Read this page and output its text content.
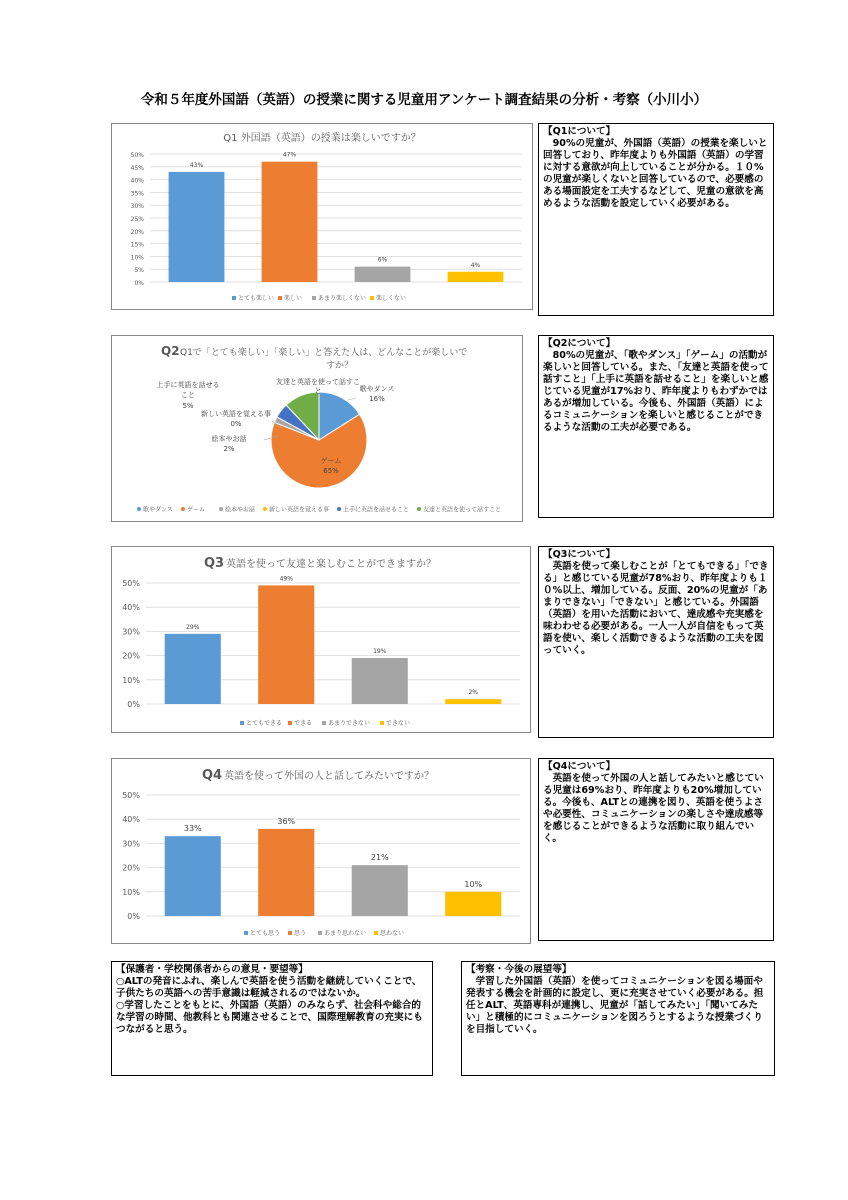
令和５年度外国語（英語）の授業に関する児童用アンケート調査結果の分析・考察（小川小）
Q1 外国語（英語）の授業は楽しいですか？
0%
5%
10%
15%
20%
25%
30%
35%
40%
45%
50%
43%
47%
6%
4%
とても楽しい 楽しい	あまり楽しくない 楽しくない
【Q1について】
　90%の児童が、外国語（英語）の授業を楽しいと回答しており、昨年度よりも外国語（英語）の学習に対する意欲が向上していることが分かる。１０%の児童が楽しくないと回答しているので、必要感のある場面設定を工夫するなどして、児童の意欲を高めるような活動を設定していく必要がある。
Q2 Q1で「とても楽しい」「楽しい」と答えた人は、どんなことが楽しいで
すか？
歌やダンス
16%
ゲーム
65%
絵本やお話
2%
新しい英語を覚える事
0%
上手に英語を話せる
こと
5%
友達と英語を使って話すこ
と
歌やダンス ゲーム	絵本やお話 新しい英語を覚える事 上手に英語を話せること 友達と英語を使って話すこと
【Q2について】
　80%の児童が、「歌やダンス」「ゲーム」の活動が楽しいと回答している。また、「友達と英語を使って話すこと」「上手に英語を話せること」を楽しいと感じている児童が17%おり、昨年度よりもわずかではあるが増加している。今後も、外国語（英語）によるコミュニケーションを楽しいと感じることができるような活動の工夫が必要である。
Q3 英語を使って友達と楽しむことができますか？
0%
10%
20%
30%
40%
50%
29%
49%
19%
2%
とてもできる できる	あまりできない	できない
【Q3について】
　英語を使って楽しむことが「とてもできる」「できる」と感じている児童が78%おり、昨年度よりも１０%以上、増加している。反面、20%の児童が「あまりできない」「できない」と感じている。外国語（英語）を用いた活動において、達成感や充実感を味わわせる必要がある。一人一人が自信をもって英語を使い、楽しく活動できるような活動の工夫を図っていく。
Q4 英語を使って外国の人と話してみたいですか？
0%
10%
20%
30%
40%
50%
33%
36%
21%
10%
とても思う 思う	あまり思わない 思わない
【Q4について】
　英語を使って外国の人と話してみたいと感じている児童は69%おり、昨年度よりも20%増加している。今後も、ALTとの連携を図り、英語を使うよさや必要性、コミュニケーションの楽しさや達成感等を感じることができるような活動に取り組んでいく。
【保護者・学校関係者からの意見・要望等】
○ALTの発音にふれ、楽しんで英語を使う活動を継続していくことで、子供たちの英語への苦手意識は軽減されるのではないか。
○学習したことをもとに、外国語（英語）のみならず、社会科や総合的な学習の時間、他教科とも関連させることで、国際理解教育の充実にもつながると思う。
【考察・今後の展望等】
　学習した外国語（英語）を使ってコミュニケーションを図る場面や発表する機会を計画的に設定し、更に充実させていく必要がある。担任とALT、英語専科が連携し、児童が「話してみたい」「聞いてみたい」と積極的にコミュニケーションを図ろうとするような授業づくりを目指していく。
